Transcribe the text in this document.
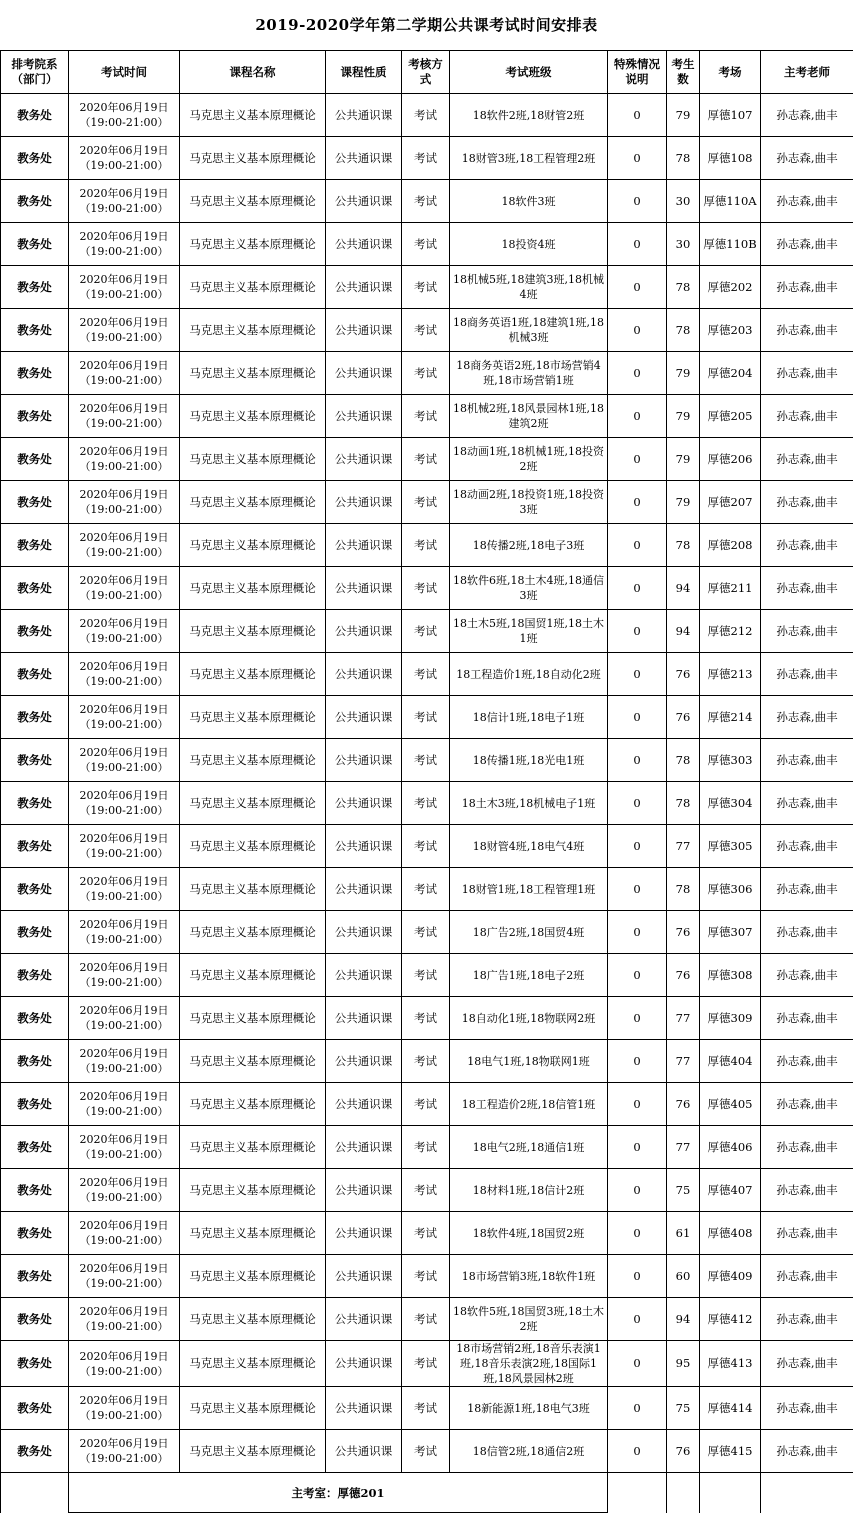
2019-2020学年第二学期公共课考试时间安排表
排考院系（部门）	考试时间	课程名称	课程性质	考核方式	考试班级	特殊情况说明	考生数	考场	主考老师
教务处	2020年06月19日
（19:00-21:00）	马克思主义基本原理概论	公共通识课	考试	18软件2班,18财管2班	0	79	厚德107	孙志森,曲丰
教务处	2020年06月19日
（19:00-21:00）	马克思主义基本原理概论	公共通识课	考试	18财管3班,18工程管理2班	0	78	厚德108	孙志森,曲丰
教务处	2020年06月19日
（19:00-21:00）	马克思主义基本原理概论	公共通识课	考试	18软件3班	0	30	厚德110A	孙志森,曲丰
教务处	2020年06月19日
（19:00-21:00）	马克思主义基本原理概论	公共通识课	考试	18投资4班	0	30	厚德110B	孙志森,曲丰
教务处	2020年06月19日
（19:00-21:00）	马克思主义基本原理概论	公共通识课	考试	18机械5班,18建筑3班,18机械4班	0	78	厚德202	孙志森,曲丰
教务处	2020年06月19日
（19:00-21:00）	马克思主义基本原理概论	公共通识课	考试	18商务英语1班,18建筑1班,18机械3班	0	78	厚德203	孙志森,曲丰
教务处	2020年06月19日
（19:00-21:00）	马克思主义基本原理概论	公共通识课	考试	18商务英语2班,18市场营销4班,18市场营销1班	0	79	厚德204	孙志森,曲丰
教务处	2020年06月19日
（19:00-21:00）	马克思主义基本原理概论	公共通识课	考试	18机械2班,18风景园林1班,18建筑2班	0	79	厚德205	孙志森,曲丰
教务处	2020年06月19日
（19:00-21:00）	马克思主义基本原理概论	公共通识课	考试	18动画1班,18机械1班,18投资2班	0	79	厚德206	孙志森,曲丰
教务处	2020年06月19日
（19:00-21:00）	马克思主义基本原理概论	公共通识课	考试	18动画2班,18投资1班,18投资3班	0	79	厚德207	孙志森,曲丰
教务处	2020年06月19日
（19:00-21:00）	马克思主义基本原理概论	公共通识课	考试	18传播2班,18电子3班	0	78	厚德208	孙志森,曲丰
教务处	2020年06月19日
（19:00-21:00）	马克思主义基本原理概论	公共通识课	考试	18软件6班,18土木4班,18通信3班	0	94	厚德211	孙志森,曲丰
教务处	2020年06月19日
（19:00-21:00）	马克思主义基本原理概论	公共通识课	考试	18土木5班,18国贸1班,18土木1班	0	94	厚德212	孙志森,曲丰
教务处	2020年06月19日
（19:00-21:00）	马克思主义基本原理概论	公共通识课	考试	18工程造价1班,18自动化2班	0	76	厚德213	孙志森,曲丰
教务处	2020年06月19日
（19:00-21:00）	马克思主义基本原理概论	公共通识课	考试	18信计1班,18电子1班	0	76	厚德214	孙志森,曲丰
教务处	2020年06月19日
（19:00-21:00）	马克思主义基本原理概论	公共通识课	考试	18传播1班,18光电1班	0	78	厚德303	孙志森,曲丰
教务处	2020年06月19日
（19:00-21:00）	马克思主义基本原理概论	公共通识课	考试	18土木3班,18机械电子1班	0	78	厚德304	孙志森,曲丰
教务处	2020年06月19日
（19:00-21:00）	马克思主义基本原理概论	公共通识课	考试	18财管4班,18电气4班	0	77	厚德305	孙志森,曲丰
教务处	2020年06月19日
（19:00-21:00）	马克思主义基本原理概论	公共通识课	考试	18财管1班,18工程管理1班	0	78	厚德306	孙志森,曲丰
教务处	2020年06月19日
（19:00-21:00）	马克思主义基本原理概论	公共通识课	考试	18广告2班,18国贸4班	0	76	厚德307	孙志森,曲丰
教务处	2020年06月19日
（19:00-21:00）	马克思主义基本原理概论	公共通识课	考试	18广告1班,18电子2班	0	76	厚德308	孙志森,曲丰
教务处	2020年06月19日
（19:00-21:00）	马克思主义基本原理概论	公共通识课	考试	18自动化1班,18物联网2班	0	77	厚德309	孙志森,曲丰
教务处	2020年06月19日
（19:00-21:00）	马克思主义基本原理概论	公共通识课	考试	18电气1班,18物联网1班	0	77	厚德404	孙志森,曲丰
教务处	2020年06月19日
（19:00-21:00）	马克思主义基本原理概论	公共通识课	考试	18工程造价2班,18信管1班	0	76	厚德405	孙志森,曲丰
教务处	2020年06月19日
（19:00-21:00）	马克思主义基本原理概论	公共通识课	考试	18电气2班,18通信1班	0	77	厚德406	孙志森,曲丰
教务处	2020年06月19日
（19:00-21:00）	马克思主义基本原理概论	公共通识课	考试	18材料1班,18信计2班	0	75	厚德407	孙志森,曲丰
教务处	2020年06月19日
（19:00-21:00）	马克思主义基本原理概论	公共通识课	考试	18软件4班,18国贸2班	0	61	厚德408	孙志森,曲丰
教务处	2020年06月19日
（19:00-21:00）	马克思主义基本原理概论	公共通识课	考试	18市场营销3班,18软件1班	0	60	厚德409	孙志森,曲丰
教务处	2020年06月19日
（19:00-21:00）	马克思主义基本原理概论	公共通识课	考试	18软件5班,18国贸3班,18土木2班	0	94	厚德412	孙志森,曲丰
教务处	2020年06月19日
（19:00-21:00）	马克思主义基本原理概论	公共通识课	考试	18市场营销2班,18音乐表演1班,18音乐表演2班,18国际1班,18风景园林2班	0	95	厚德413	孙志森,曲丰
教务处	2020年06月19日
（19:00-21:00）	马克思主义基本原理概论	公共通识课	考试	18新能源1班,18电气3班	0	75	厚德414	孙志森,曲丰
教务处	2020年06月19日
（19:00-21:00）	马克思主义基本原理概论	公共通识课	考试	18信管2班,18通信2班	0	76	厚德415	孙志森,曲丰
	主考室：厚德201								
